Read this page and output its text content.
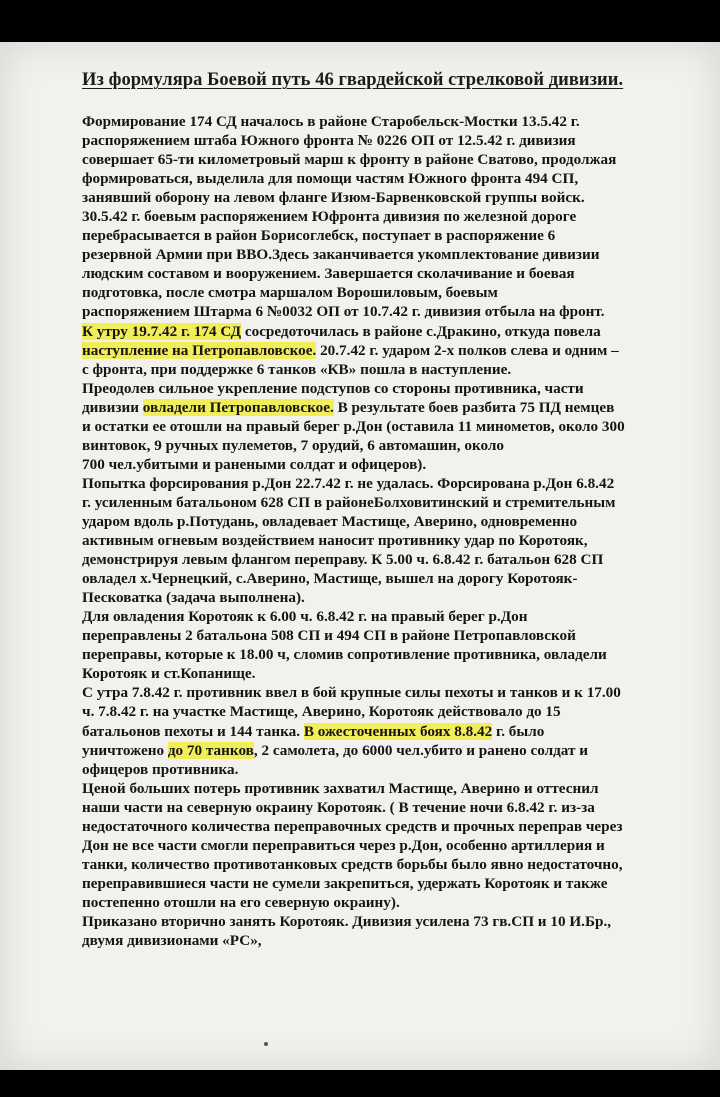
Из формуляра Боевой путь 46 гвардейской стрелковой дивизии.
Формирование 174 СД началось в районе Старобельск-Мостки 13.5.42 г.
распоряжением штаба Южного фронта № 0226 ОП от 12.5.42 г. дивизия
совершает 65-ти километровый марш к фронту в районе Сватово, продолжая
формироваться, выделила для помощи частям Южного фронта 494 СП,
занявший оборону на левом фланге Изюм-Барвенковской группы войск.
30.5.42 г. боевым распоряжением Юфронта дивизия по железной дороге
перебрасывается в район Борисоглебск, поступает в распоряжение 6
резервной Армии при ВВО.Здесь заканчивается укомплектование дивизии
людским составом и вооружением. Завершается сколачивание и боевая
подготовка, после смотра маршалом Ворошиловым, боевым
распоряжением Штарма 6 №0032 ОП от 10.7.42 г. дивизия отбыла на фронт.
К утру 19.7.42 г. 174 СД сосредоточилась в районе с.Дракино, откуда повела
наступление на Петропавловское. 20.7.42 г. ударом 2-х полков слева и одним –
с фронта, при поддержке 6 танков «КВ» пошла в наступление.
Преодолев сильное укрепление подступов со стороны противника, части
дивизии овладели Петропавловское. В результате боев разбита 75 ПД немцев
и остатки ее отошли на правый берег р.Дон (оставила 11 минометов, около 300
винтовок, 9 ручных пулеметов, 7 орудий, 6 автомашин, около
700 чел.убитыми и ранеными солдат и офицеров).
Попытка форсирования р.Дон 22.7.42 г. не удалась. Форсирована р.Дон 6.8.42
г. усиленным батальоном 628 СП в районеБолховитинский и стремительным
ударом вдоль р.Потудань, овладевает Мастище, Аверино, одновременно
активным огневым воздействием наносит противнику удар по Коротояк,
демонстрируя левым флангом переправу. К 5.00 ч. 6.8.42 г. батальон 628 СП
овладел х.Чернецкий, с.Аверино, Мастище, вышел на дорогу Коротояк-
Песковатка (задача выполнена).
Для овладения Коротояк к 6.00 ч. 6.8.42 г. на правый берег р.Дон
переправлены 2 батальона 508 СП и 494 СП в районе Петропавловской
переправы, которые к 18.00 ч, сломив сопротивление противника, овладели
Коротояк и ст.Копанище.
С утра 7.8.42 г. противник ввел в бой крупные силы пехоты и танков и к 17.00
ч. 7.8.42 г. на участке Мастище, Аверино, Коротояк действовало до 15
батальонов пехоты и 144 танка. В ожесточенных боях 8.8.42 г. было
уничтожено до 70 танков, 2 самолета, до 6000 чел.убито и ранено солдат и
офицеров противника.
Ценой больших потерь противник захватил Мастище, Аверино и оттеснил
наши части на северную окраину Коротояк. ( В течение ночи 6.8.42 г. из-за
недостаточного количества переправочных средств и прочных переправ через
Дон не все части смогли переправиться через р.Дон, особенно артиллерия и
танки, количество противотанковых средств борьбы было явно недостаточно,
переправившиеся части не сумели закрепиться, удержать Коротояк и также
постепенно отошли на его северную окраину).
Приказано вторично занять Коротояк. Дивизия усилена 73 гв.СП и 10 И.Бр.,
двумя дивизионами «РС»,
